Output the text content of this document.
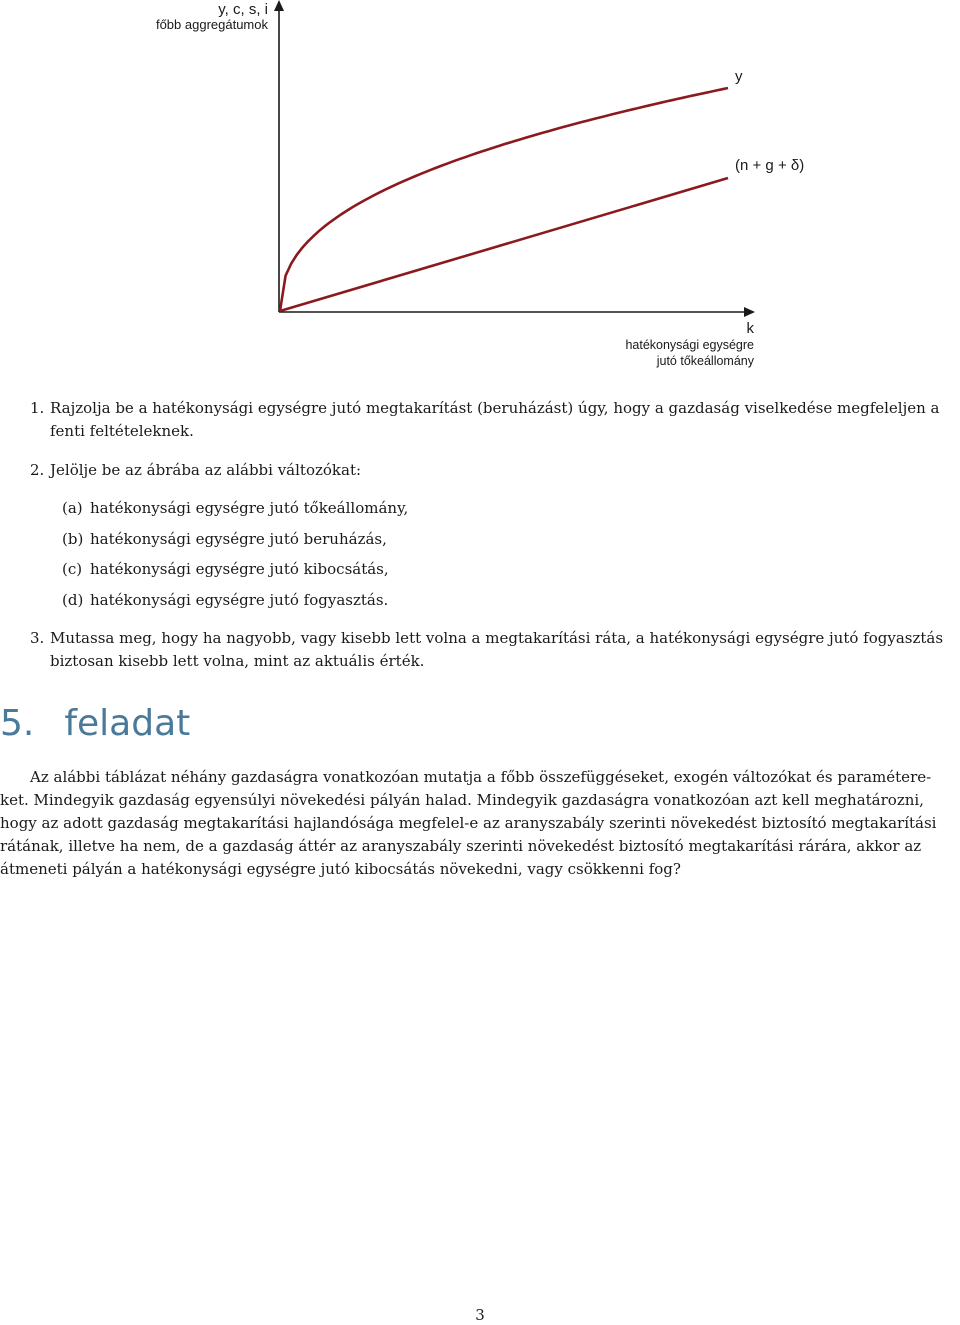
y, c, s, i
főbb aggregátumok
y
(n + g + δ)
k
hatékonysági egységre
jutó tőkeállomány
1. Rajzolja be a hatékonysági egységre jutó megtakarítást (beruházást) úgy, hogy a gazdaság viselkedése megfeleljen a
fenti feltételeknek.
2. Jelölje be az ábrába az alábbi változókat:
(a) hatékonysági egységre jutó tőkeállomány,
(b) hatékonysági egységre jutó beruházás,
(c) hatékonysági egységre jutó kibocsátás,
(d) hatékonysági egységre jutó fogyasztás.
3. Mutassa meg, hogy ha nagyobb, vagy kisebb lett volna a megtakarítási ráta, a hatékonysági egységre jutó fogyasztás
biztosan kisebb lett volna, mint az aktuális érték.
5. feladat
Az alábbi táblázat néhány gazdaságra vonatkozóan mutatja a főbb összefüggéseket, exogén változókat és paramétere-
ket. Mindegyik gazdaság egyensúlyi növekedési pályán halad. Mindegyik gazdaságra vonatkozóan azt kell meghatározni,
hogy az adott gazdaság megtakarítási hajlandósága megfelel-e az aranyszabály szerinti növekedést biztosító megtakarítási
rátának, illetve ha nem, de a gazdaság áttér az aranyszabály szerinti növekedést biztosító megtakarítási rárára, akkor az
átmeneti pályán a hatékonysági egységre jutó kibocsátás növekedni, vagy csökkenni fog?
3
